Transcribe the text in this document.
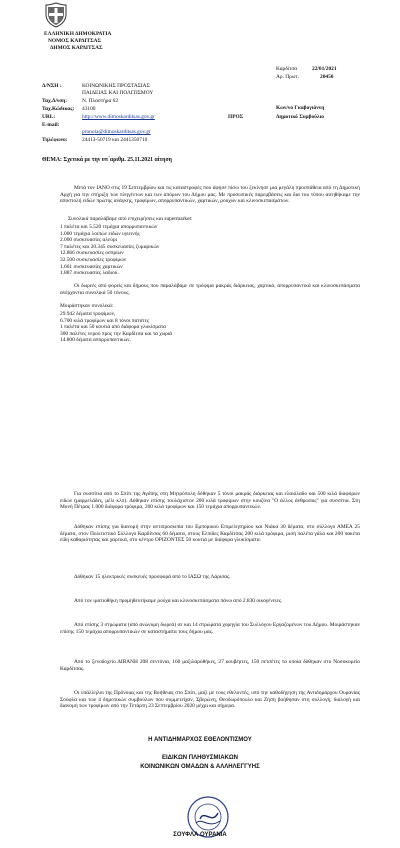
ΕΛΛΗΝΙΚΗ ΔΗΜΟΚΡΑΤΙΑ
ΝΟΜΟΣ ΚΑΡΔΙΤΣΑΣ
ΔΗΜΟΣ ΚΑΡΔΙΤΣΑΣ
Καρδίτσα	22/01/2021
Αρ. Πρωτ.	20450
Δ/ΝΣΗ :	ΚΟΙΝΩΝΙΚΗΣ ΠΡΟΣΤΑΣΙΑΣ
ΠΑΙΔΕΙΑΣ ΚΑΙ ΠΟΛΙΤΙΣΜΟΥ
Ταχ.Δ/νση:	Ν. Πλαστήρα 62
Ταχ.Κώδικας: 43100
URL:	http://www.dimoskarditsas.gov.gr
E-mail:
pronoia@dimoskarditsas.gov.gr
Τηλέφωνο:	24413-50719 και 2441350710
ΠΡΟΣ
Κων/νο Γκαβογιάννη
Δημοτικό Συμβούλιο
ΘΕΜΑ: Σχετικά με την υπ΄αριθμ. 25.11.2021 αίτηση
Μετά τον ΙΑΝΟ στις 19 Σεπτεμβρίου και τις καταστροφές που άφησε πίσω του ξεκίνησε μια μεγάλη προσπάθεια από τη Δημοτική Αρχή για την στήριξη των πληγέντων και των απόρων του Δήμου μας. Με προσωπικές παρεμβάσεις και δια του τύπου αιτηθήκαμε την αποστολή ειδών πρώτης ανάγκης, τροφίμων, απορρυπαντικών, χαρτικών, ρούχων και κλινοσκεπασμάτων.
Συνολικά παραλάβαμε από επιχειρήσεις και supermarket:
1 παλέτα και 5.520 τεμάχια απορρυπαντικών
1.000 τεμάχια λοιπών ειδών υγιεινής
2.000 συσκευασίες αλεύρι
7 παλέτες και 20.345 συσκευασίες ζυμαρικών
12.866 συσκευασίες οσπρίων
32.500 συσκευασίες τροφίμων
1.661 συσκευασίες χαρτικών
1.887 συσκευασίες λαδιού.
Οι δωρεές από φορείς και δήμους που παραλάβαμε σε τρόφιμα μακράς διάρκειας, χαρτικά, απορρυπαντικά και κλινοσκεπάσματα ανέρχονται συνολικά 50 τόνους.
Μοιράστηκαν συνολικά:
29.942 δέματα τροφίμων,
6.700 κιλά τροφίμων και 8 τόνοι πατάτες
1 παλέτα και 50 κουτιά από διάφορα γλυκίσματα
300 παλέτες νερού προς την Καρδίτσα και τα χωριά
14.800 δέματα απορρυπαντικών.
Για συσσίτια από το Σπίτι της Αγάπης στη Μητρόπολη δόθηκαν 5 τόνοι μακράς διάρκειας και ελαιόλαδο και 500 κιλά διαφόρων ειδών (μαρμελάδες, μέλι κλπ). Δόθηκαν επίσης τουλάχιστον 200 κιλά τροφίμων στην κουζίνα "Ο άλλος άνθρωπος" για συσσίτια. Στη Μονή Πέτρας 1.000 διάφορα τρόφιμα, 200 κιλά τροφίμων και 150 τεμάχια απορρυπαντικών.
Δόθηκαν επίσης για διανομή στην αντιπροσωπία του Εμπορικού Επιμελητηρίου και Νιάκα 30 δέματα, στο σύλλογο ΑΜΕΑ 25 δέματα, στον Πολιτιστικό Σύλλογο Καρδίτσας 60 δέματα, στους Ελπίδες Καρδίτσας 200 κιλά τρόφιμα, μισή παλέτα γάλα και 200 πακέτα είδη καθαριότητας και χαρτικά, στο κέντρο ΟΡΙΖΟΝΤΕΣ 50 κουτιά με διάφορα γλυκίσματα.
Δόθηκαν 15 ηλεκτρικές συσκευές προσφορά από το ΙΑΣΩ της Λάρισας.
Από τον ιματιοθήκη προμηθευτήκαμε ρούχα και κλινοσκεπάσματα πάνω από 2.830 οικογένειες.
Από επίσης 3 στρώματα (από ανώνυμη δωρεά) σε και 14 στρώματα χορηγία του Συλλόγου Εργαζομένων του Δήμου. Μοιράστηκαν επίσης 150 τεμάχια απορρυπαντικών σε καταστήματα τους δήμου μας.
Από το ξενοδοχείο ΔΙΒΑΝΗ 208 σεντόνια, 160 μαξιλαροθήκες, 27 κουβέρτες, 150 πετσέτες τα οποία δόθηκαν στο Νοσοκομείο Καρδίτσας.
Οι υπάλληλοι της Πρόνοιας και της Βοήθειας στο Σπίτι, μαζί με τους εθελοντές, υπό την καθοδήγηση της Αντιδημάρχου Ουρανίας Σούφλα και των 4 δημοτικών συμβούλων που συμμετείχαν, Σβερώνη, Θεοδωρόπουλο και Ζήση βοήθησαν στη συλλογή, διαλογή και διανομή των τροφίμων από την Τετάρτη 23 Σεπτεμβρίου 2020 μέχρι και σήμερα.
Η ΑΝΤΙΔΗΜΑΡΧΟΣ ΕΘΕΛΟΝΤΙΣΜΟΥ
ΕΙΔΙΚΩΝ ΠΛΗΘΥΣΜΙΑΚΩΝ
ΚΟΙΝΩΝΙΚΩΝ ΟΜΑΔΩΝ & ΑΛΛΗΛΕΓΓΥΗΣ
ΣΟΥΦΛΑ ΟΥΡΑΝΙΑ
